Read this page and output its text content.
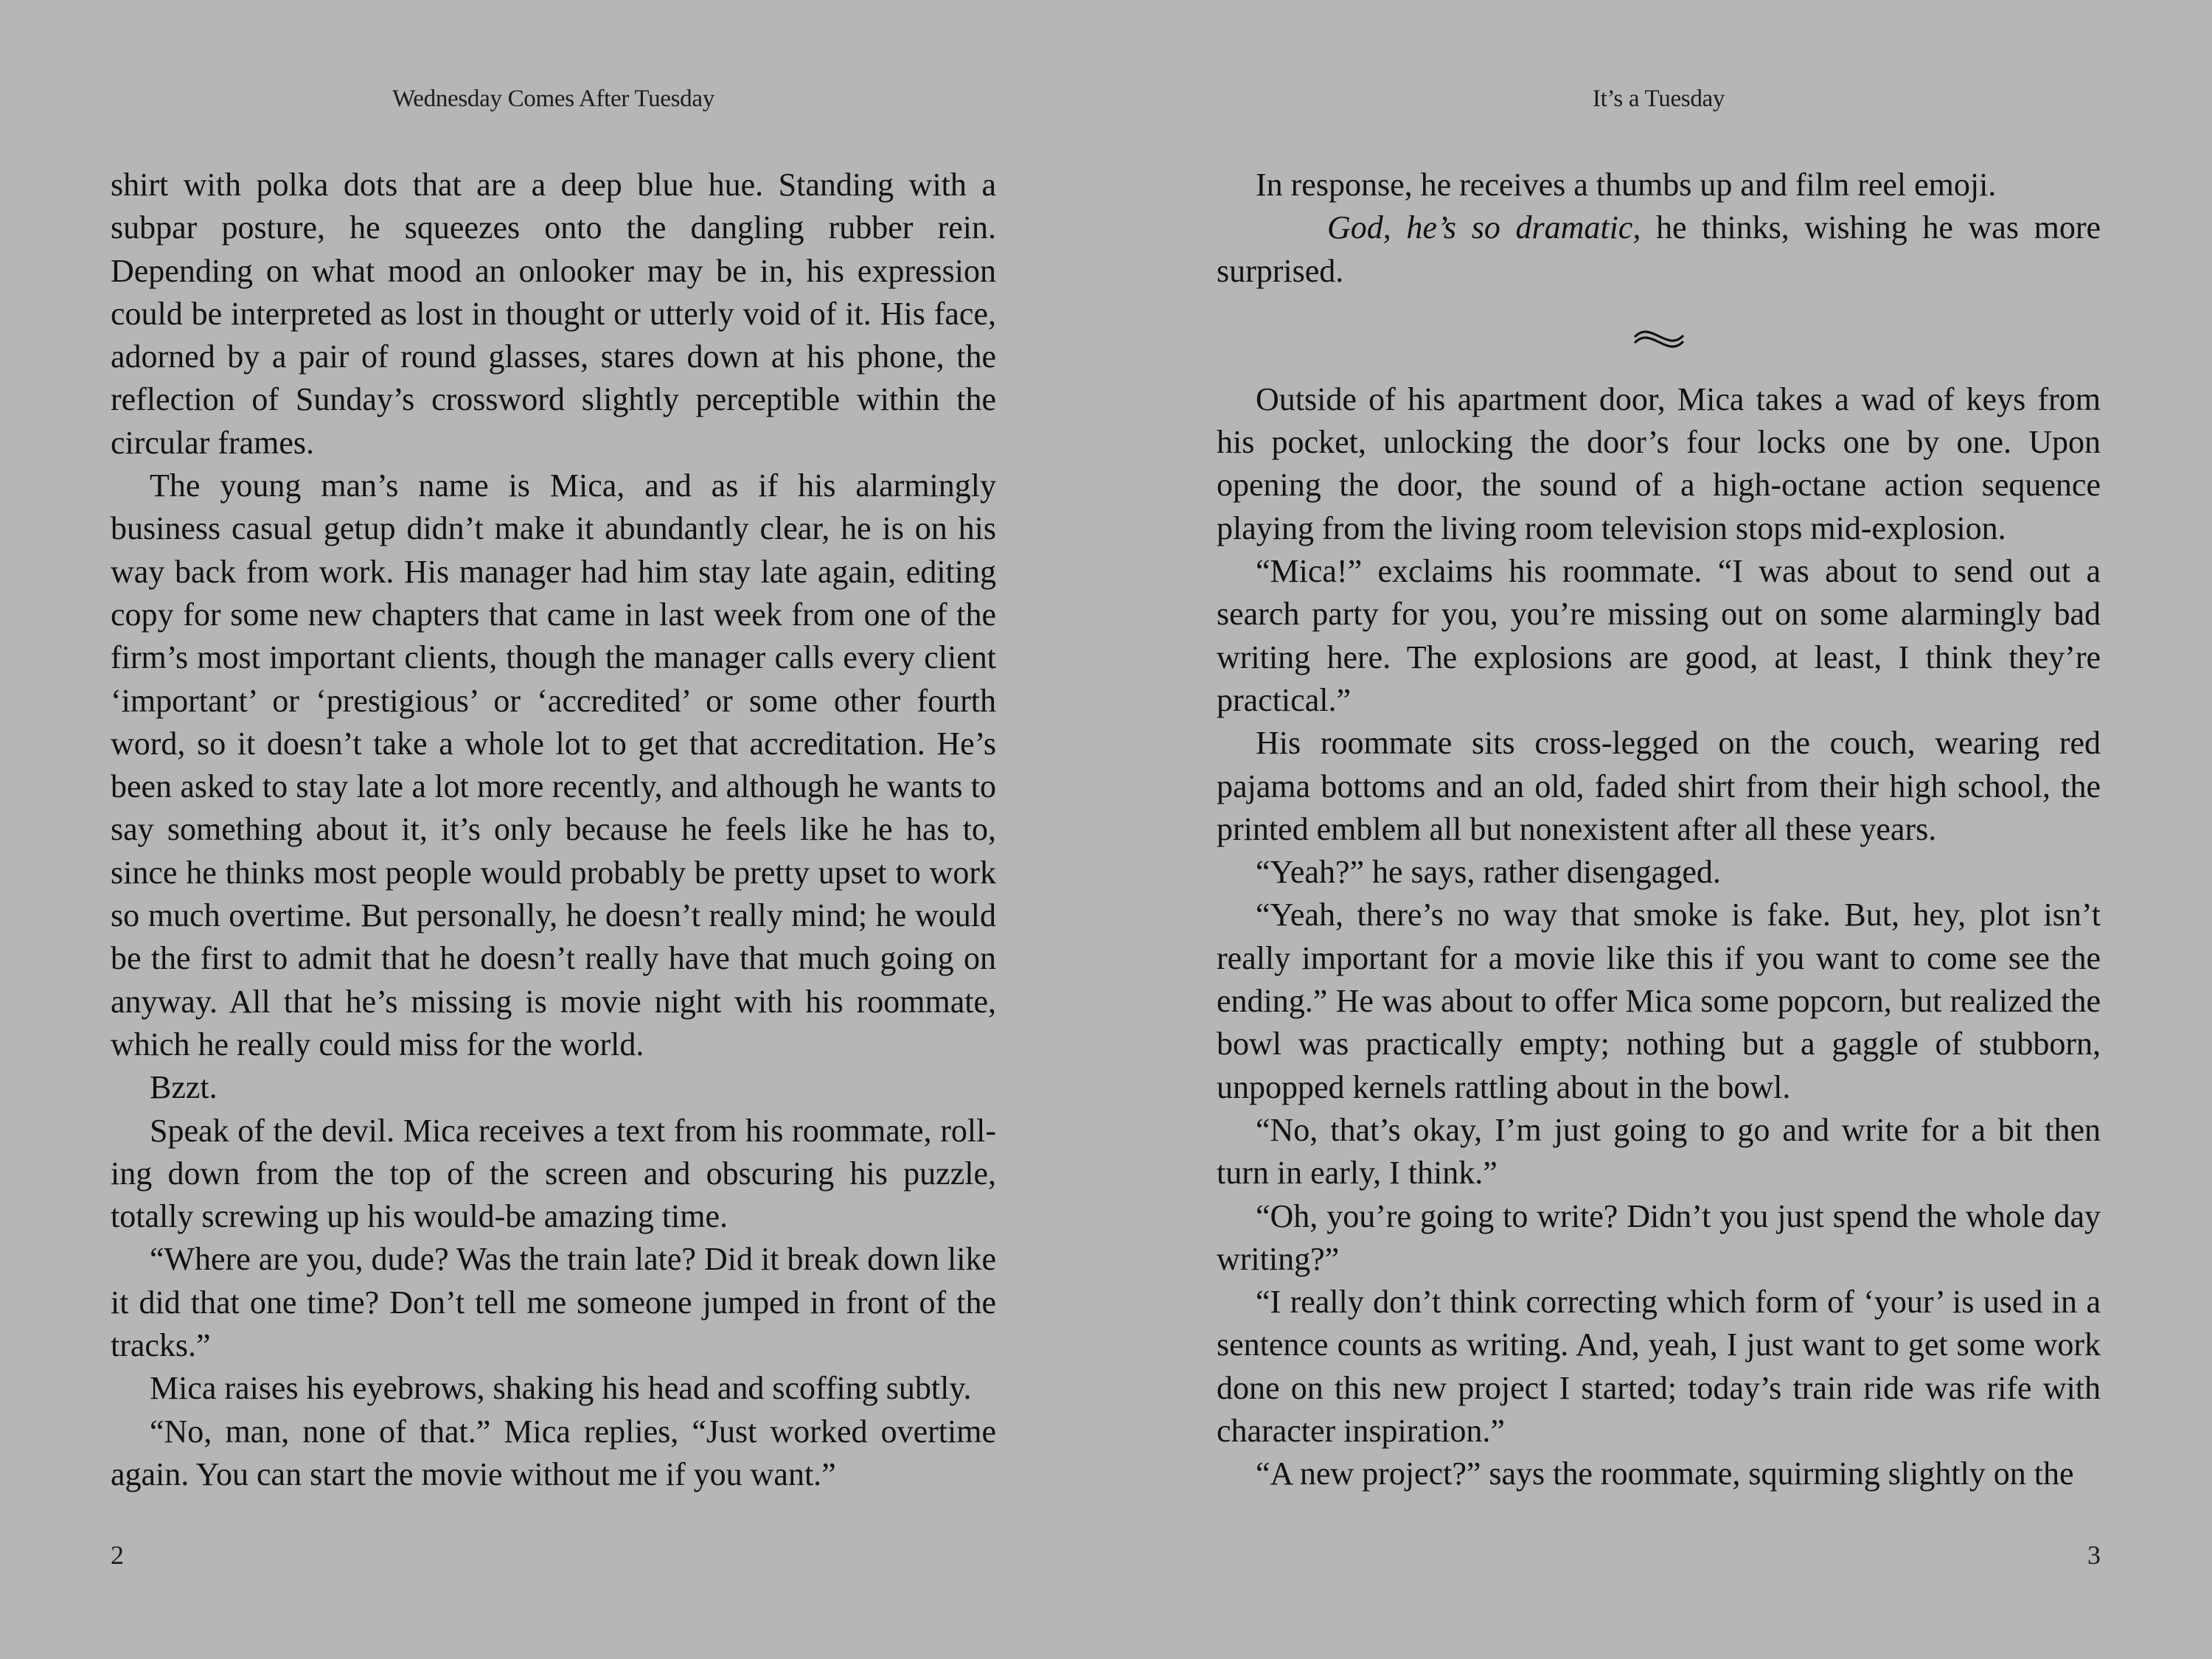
Wednesday Comes After Tuesday

shirt with polka dots that are a deep blue hue. Standing with a subpar posture, he squeezes onto the dangling rubber rein. Depending on what mood an onlooker may be in, his expression could be interpreted as lost in thought or utterly void of it. His face, adorned by a pair of round glasses, stares down at his phone, the reflection of Sunday’s crossword slightly perceptible within the circular frames.

The young man’s name is Mica, and as if his alarmingly business casual getup didn’t make it abundantly clear, he is on his way back from work. His manager had him stay late again, editing copy for some new chapters that came in last week from one of the firm’s most important clients, though the manager calls every client ‘important’ or ‘prestigious’ or ‘accredited’ or some other fourth word, so it doesn’t take a whole lot to get that accreditation. He’s been asked to stay late a lot more recently, and although he wants to say something about it, it’s only because he feels like he has to, since he thinks most people would probably be pretty upset to work so much overtime. But personally, he doesn’t really mind; he would be the first to admit that he doesn’t really have that much going on anyway. All that he’s missing is movie night with his roommate, which he really could miss for the world.

Bzzt.

Speak of the devil. Mica receives a text from his roommate, rolling down from the top of the screen and obscuring his puzzle, totally screwing up his would-be amazing time.

“Where are you, dude? Was the train late? Did it break down like it did that one time? Don’t tell me someone jumped in front of the tracks.”

Mica raises his eyebrows, shaking his head and scoffing subtly.

“No, man, none of that.” Mica replies, “Just worked overtime again. You can start the movie without me if you want.”

2
It’s a Tuesday

In response, he receives a thumbs up and film reel emoji.

God, he’s so dramatic, he thinks, wishing he was more surprised.

Outside of his apartment door, Mica takes a wad of keys from his pocket, unlocking the door’s four locks one by one. Upon opening the door, the sound of a high-octane action sequence playing from the living room television stops mid-explosion.

“Mica!” exclaims his roommate. “I was about to send out a search party for you, you’re missing out on some alarmingly bad writing here. The explosions are good, at least, I think they’re practical.”

His roommate sits cross-legged on the couch, wearing red pajama bottoms and an old, faded shirt from their high school, the printed emblem all but nonexistent after all these years.

“Yeah?” he says, rather disengaged.

“Yeah, there’s no way that smoke is fake. But, hey, plot isn’t really important for a movie like this if you want to come see the ending.” He was about to offer Mica some popcorn, but realized the bowl was practically empty; nothing but a gaggle of stubborn, unpopped kernels rattling about in the bowl.

“No, that’s okay, I’m just going to go and write for a bit then turn in early, I think.”

“Oh, you’re going to write? Didn’t you just spend the whole day writing?”

“I really don’t think correcting which form of ‘your’ is used in a sentence counts as writing. And, yeah, I just want to get some work done on this new project I started; today’s train ride was rife with character inspiration.”

“A new project?” says the roommate, squirming slightly on the

3
